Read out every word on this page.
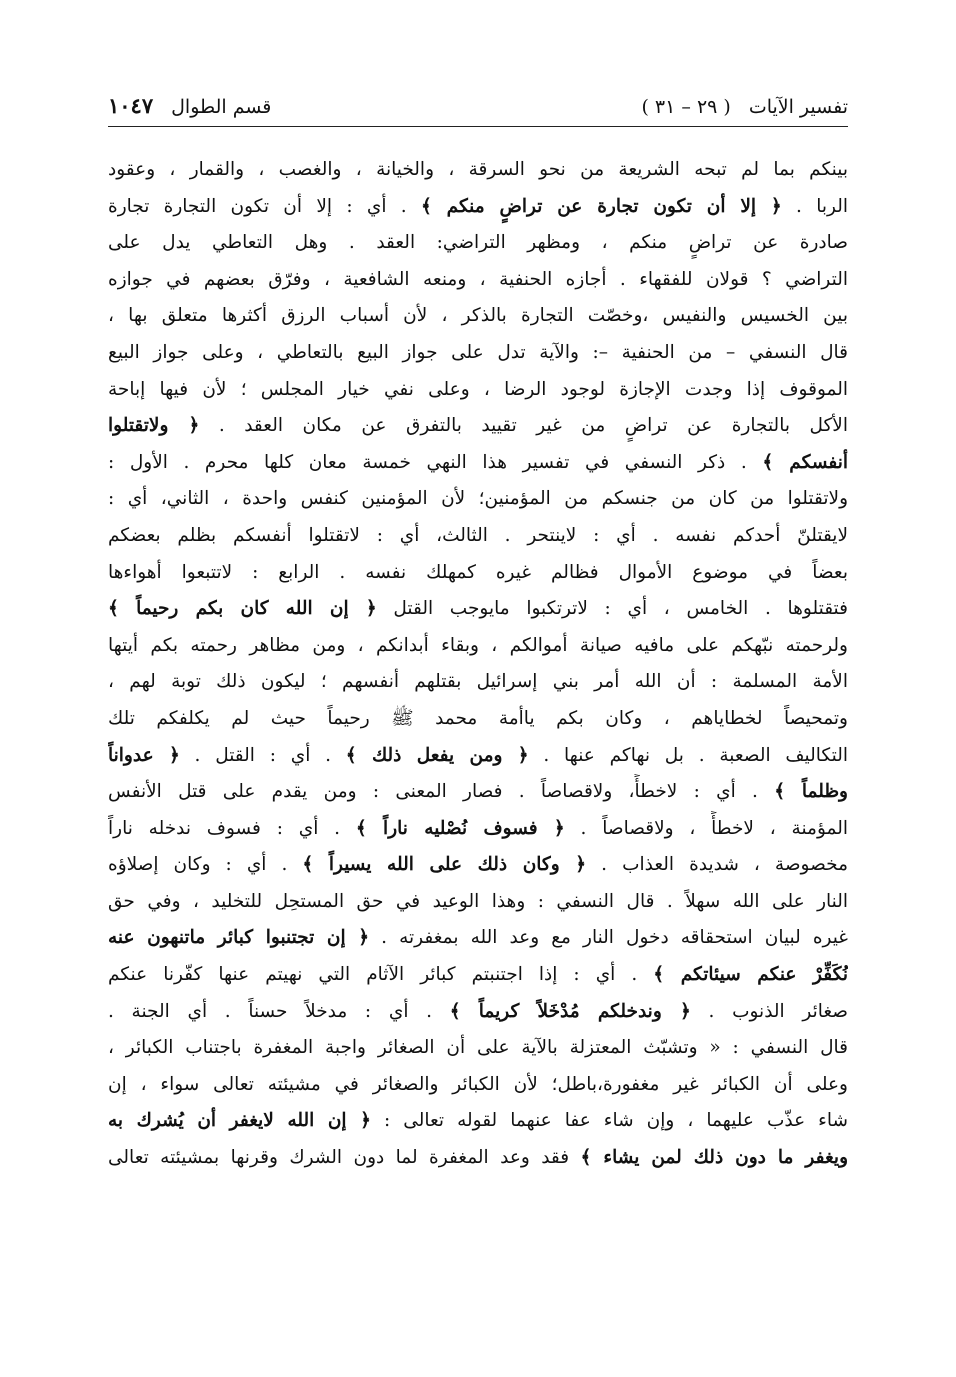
تفسير الآيات
( ٢٩ – ٣١ )
قسم الطوال
١٠٤٧
بينكم بما لم تبحه الشريعة من نحو السرقة ، والخيانة ، والغصب ، والقمار ، وعقود
الربا . ﴿ إلا أن تكون تجارة عن تراضٍ منكم ﴾ . أي : إلا أن تكون التجارة تجارة
صادرة عن تراضٍ منكم ، ومظهر التراضي: العقد . وهل التعاطي يدل على
التراضي ؟ قولان للفقهاء . أجازه الحنفية ، ومنعه الشافعية ، وفرّق بعضهم في جوازه
بين الخسيس والنفيس ،وخصّت التجارة بالذكر ، لأن أسباب الرزق أكثرها متعلق بها ،
قال النسفي – من الحنفية –: والآية تدل على جواز البيع بالتعاطي ، وعلى جواز البيع
الموقوف إذا وجدت الإجازة لوجود الرضا ، وعلى نفي خيار المجلس ؛ لأن فيها إباحة
الأكل بالتجارة عن تراضٍ من غير تقييد بالتفرق عن مكان العقد . ﴿ ولاتقتلوا
أنفسكم ﴾ . ذكر النسفي في تفسير هذا النهي خمسة معان كلها محرم . الأول :
ولاتقتلوا من كان من جنسكم من المؤمنين؛ لأن المؤمنين كنفس واحدة ، الثاني، أي :
لايقتلنّ أحدكم نفسه . أي : لاينتحر . الثالث، أي : لاتقتلوا أنفسكم بظلم بعضكم
بعضاً في موضوع الأموال فظالم غيره كمهلك نفسه . الرابع : لاتتبعوا أهواءها
فتقتلوها . الخامس ، أي : لاترتكبوا مايوجب القتل ﴿ إن الله كان بكم رحيماً ﴾
ولرحمته نبّهكم على مافيه صيانة أموالكم ، وبقاء أبدانكم ، ومن مظاهر رحمته بكم أيتها
الأمة المسلمة : أن الله أمر بني إسرائيل بقتلهم أنفسهم ؛ ليكون ذلك توبة لهم ،
وتمحيصاً لخطاياهم ، وكان بكم ياأمة محمد ﷺ رحيماً حيث لم يكلفكم تلك
التكاليف الصعبة . بل نهاكم عنها . ﴿ ومن يفعل ذلك ﴾ . أي : القتل . ﴿ عدواناً
وظلماً ﴾ . أي : لاخطأً، ولاقصاصاً . فصار المعنى : ومن يقدم على قتل الأنفس
المؤمنة ، لاخطأً ، ولاقصاصاً . ﴿ فسوف نُصْليه ناراً ﴾ . أي : فسوف ندخله ناراً
مخصوصة ، شديدة العذاب . ﴿ وكان ذلك على الله يسيراً ﴾ . أي : وكان إصلاؤه
النار على الله سهلاً . قال النسفي : وهذا الوعيد في حق المستحِل للتخليد ، وفي حق
غيره لبيان استحقاقه دخول النار مع وعد الله بمغفرته . ﴿ إن تجتنبوا كبائر ماتنهون عنه
نُكَفِّرْ عنكم سيئاتكم ﴾ . أي : إذا اجتنبتم كبائر الآثام التي نهيتم عنها كفّرنا عنكم
صغائر الذنوب . ﴿ وندخلكم مُدْخَلاً كريماً ﴾ . أي : مدخلاً حسناً . أي الجنة .
قال النسفي : « وتشبّث المعتزلة بالآية على أن الصغائر واجبة المغفرة باجتناب الكبائر ،
وعلى أن الكبائر غير مغفورة،باطل؛ لأن الكبائر والصغائر في مشيئته تعالى سواء ، إن
شاء عذّب عليهما ، وإن شاء عفا عنهما لقوله تعالى : ﴿ إن الله لايغفر أن يُشرك به
ويغفر ما دون ذلك لمن يشاء ﴾ فقد وعد المغفرة لما دون الشرك وقرنها بمشيئته تعالى
